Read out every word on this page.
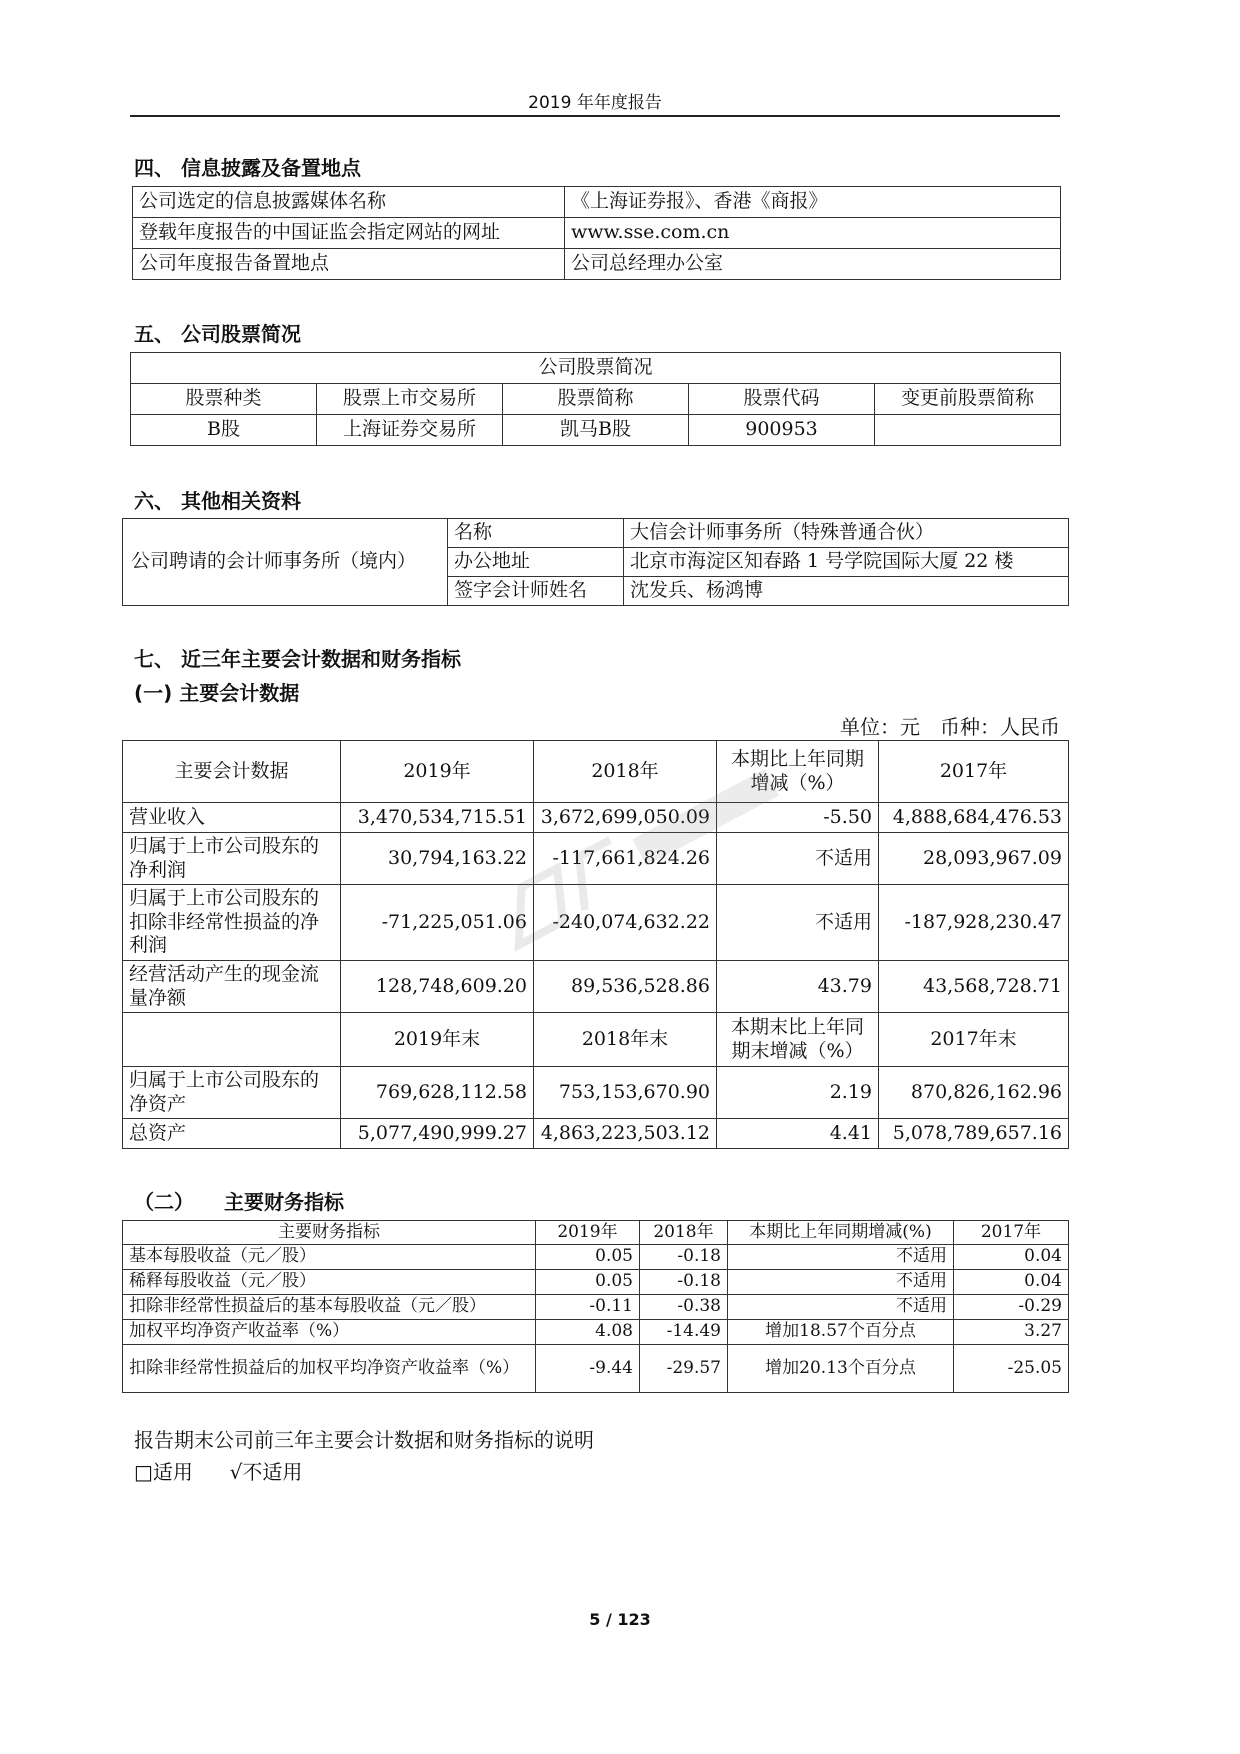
2019 年年度报告
四、 信息披露及备置地点
公司选定的信息披露媒体名称	《上海证券报》、香港《商报》
登载年度报告的中国证监会指定网站的网址	www.sse.com.cn
公司年度报告备置地点	公司总经理办公室
五、 公司股票简况
公司股票简况				
股票种类	股票上市交易所	股票简称	股票代码	变更前股票简称
B股	上海证券交易所	凯马B股	900953	
六、 其他相关资料
公司聘请的会计师事务所（境内）	名称	大信会计师事务所（特殊普通合伙）
	办公地址	北京市海淀区知春路 1 号学院国际大厦 22 楼
	签字会计师姓名	沈发兵、杨鸿博
七、 近三年主要会计数据和财务指标
(一) 主要会计数据
单位：元　币种：人民币
主要会计数据	2019年	2018年	本期比上年同期增减（%）	2017年
营业收入	3,470,534,715.51	3,672,699,050.09	-5.50	4,888,684,476.53
归属于上市公司股东的净利润	30,794,163.22	-117,661,824.26	不适用	28,093,967.09
归属于上市公司股东的扣除非经常性损益的净利润	-71,225,051.06	-240,074,632.22	不适用	-187,928,230.47
经营活动产生的现金流量净额	128,748,609.20	89,536,528.86	43.79	43,568,728.71
	2019年末	2018年末	本期末比上年同期末增减（%）	2017年末
归属于上市公司股东的净资产	769,628,112.58	753,153,670.90	2.19	870,826,162.96
总资产	5,077,490,999.27	4,863,223,503.12	4.41	5,078,789,657.16
（二）　　主要财务指标
主要财务指标	2019年	2018年	本期比上年同期增减(%)	2017年
基本每股收益（元／股）	0.05	-0.18	不适用	0.04
稀释每股收益（元／股）	0.05	-0.18	不适用	0.04
扣除非经常性损益后的基本每股收益（元／股）	-0.11	-0.38	不适用	-0.29
加权平均净资产收益率（%）	4.08	-14.49	增加18.57个百分点	3.27
扣除非经常性损益后的加权平均净资产收益率（%）	-9.44	-29.57	增加20.13个百分点	-25.05
报告期末公司前三年主要会计数据和财务指标的说明
□适用 √不适用
5 / 123
